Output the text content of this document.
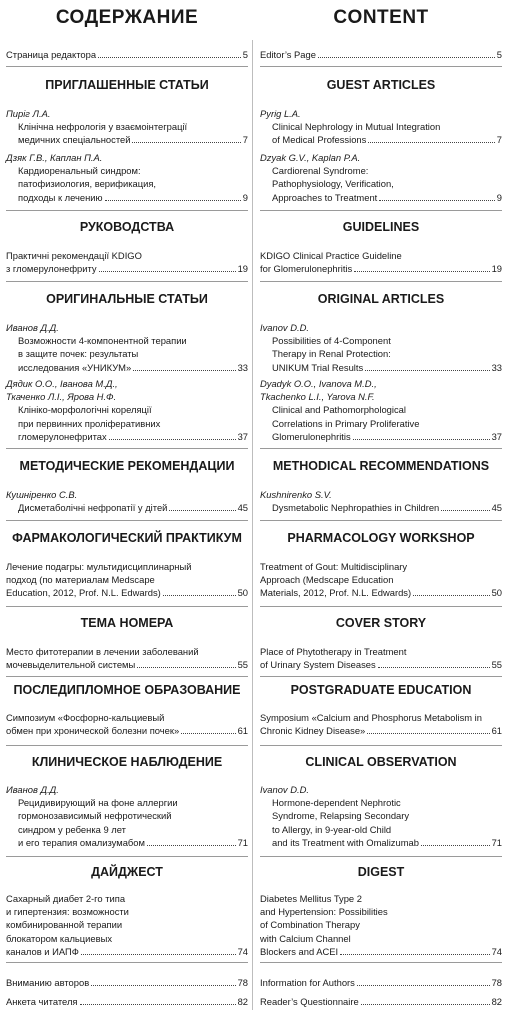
СОДЕРЖАНИЕ
Страница редактора	5
ПРИГЛАШЕННЫЕ СТАТЬИ
Пиріг Л.А.
Клінічна нефрологія у взаємоінтеграції
медичних спеціальностей	7
Дзяк Г.В., Каплан П.А.
Кардиоренальный синдром:
патофизиология, верификация,
подходы к лечению	9
РУКОВОДСТВА
Практичні рекомендації KDIGO
з гломерулонефриту	19
ОРИГИНАЛЬНЫЕ СТАТЬИ
Иванов Д.Д.
Возможности 4-компонентной терапии
в защите почек: результаты
исследования «УНИКУМ»	33
Дядик О.О., Іванова М.Д.,
Ткаченко Л.І., Ярова Н.Ф.
Клініко-морфологічні кореляції
при первинних проліферативних
гломерулонефритах	37
МЕТОДИЧЕСКИЕ РЕКОМЕНДАЦИИ
Кушніренко С.В.
Дисметаболічні нефропатії у дітей	45
ФАРМАКОЛОГИЧЕСКИЙ ПРАКТИКУМ
Лечение подагры: мультидисциплинарный
подход (по материалам Medscape
Education, 2012, Prof. N.L. Edwards)	50
ТЕМА НОМЕРА
Место фитотерапии в лечении заболеваний
мочевыделительной системы	55
ПОСЛЕДИПЛОМНОЕ ОБРАЗОВАНИЕ
Симпозиум «Фосфорно-кальциевый
обмен при хронической болезни почек»	61
КЛИНИЧЕСКОЕ НАБЛЮДЕНИЕ
Иванов Д.Д.
Рецидивирующий на фоне аллергии
гормонозависимый нефротический
синдром у ребенка 9 лет
и его терапия омализумабом	71
ДАЙДЖЕСТ
Сахарный диабет 2-го типа
и гипертензия: возможности
комбинированной терапии
блокатором кальциевых
каналов и ИАПФ	74
Вниманию авторов	78
Анкета читателя	82
CONTENT
Editor’s Page	5
GUEST ARTICLES
Pyrig L.A.
Clinical Nephrology in Mutual Integration
of Medical Professions	7
Dzyak G.V., Kaplan P.A.
Cardiorenal Syndrome:
Pathophysiology, Verification,
Approaches to Treatment	9
GUIDELINES
KDIGO Clinical Practice Guideline
for Glomerulonephritis	19
ORIGINAL ARTICLES
Ivanov D.D.
Possibilities of 4-Component
Therapy in Renal Protection:
UNIKUM Trial Results	33
Dyadyk O.O., Ivanova M.D.,
Tkachenko L.I., Yarova N.F.
Clinical and Pathomorphological
Correlations in Primary Proliferative
Glomerulonephritis	37
METHODICAL RECOMMENDATIONS
Kushnirenko S.V.
Dysmetabolic Nephropathies in Children	45
PHARMACOLOGY WORKSHOP
Treatment of Gout: Multidisciplinary
Approach (Medscape Education
Materials, 2012, Prof. N.L. Edwards)	50
COVER STORY
Place of Phytotherapy in Treatment
of Urinary System Diseases	55
POSTGRADUATE EDUCATION
Symposium «Calcium and Phosphorus Metabolism in
Chronic Kidney Disease»	61
CLINICAL OBSERVATION
Ivanov D.D.
Hormone-dependent Nephrotic
Syndrome, Relapsing Secondary
to Allergy, in 9-year-old Child
and its Treatment with Omalizumab	71
DIGEST
Diabetes Mellitus Type 2
and Hypertension: Possibilities
of Combination Therapy
with Calcium Channel
Blockers and ACEI	74
Information for Authors	78
Reader’s Questionnaire	82
